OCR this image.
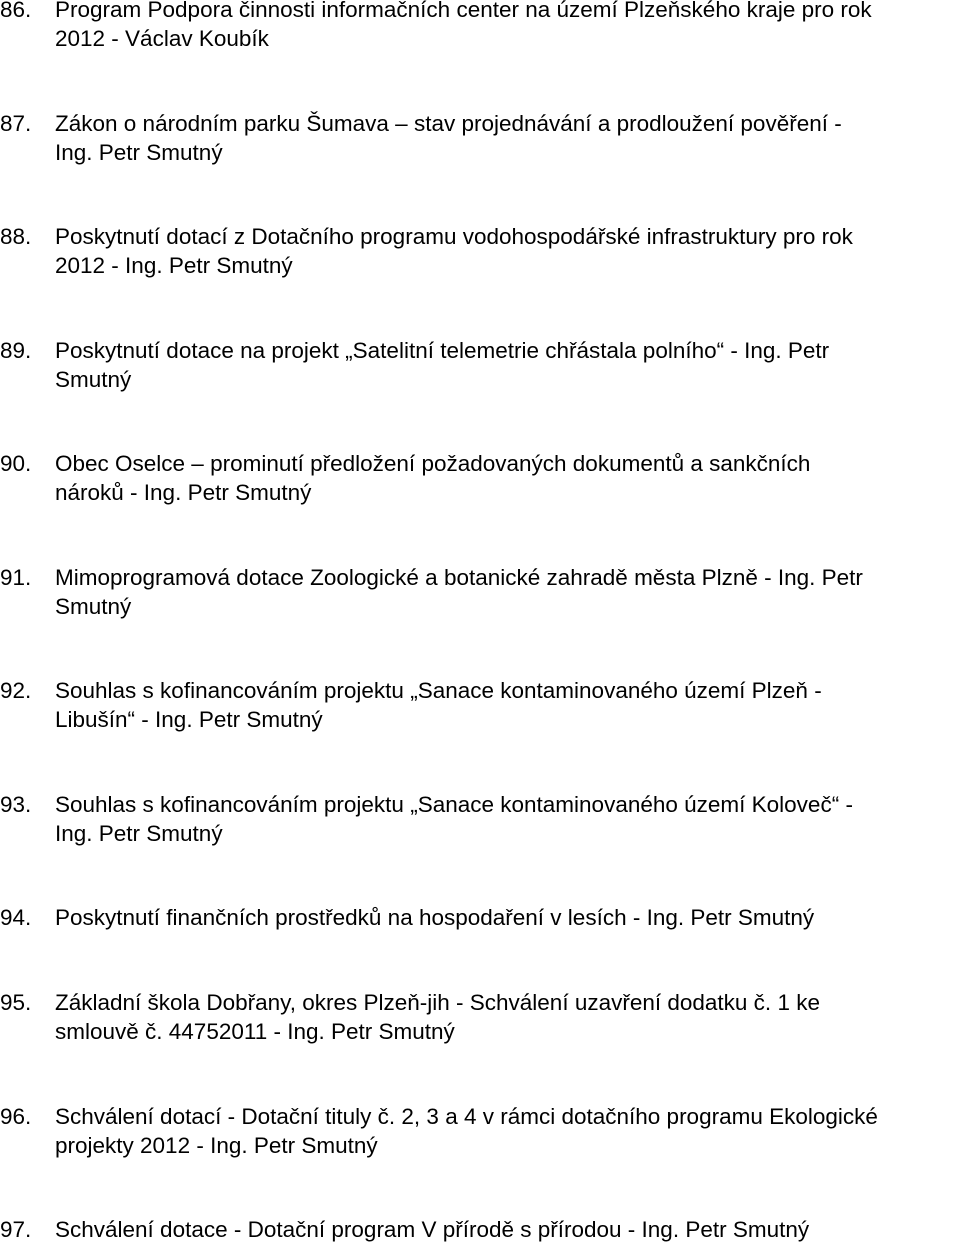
86.	Program Podpora činnosti informačních center na území Plzeňského kraje pro rok
2012 - Václav Koubík
87.	Zákon o národním parku Šumava – stav projednávání a prodloužení pověření -
Ing. Petr Smutný
88.	Poskytnutí dotací z Dotačního programu vodohospodářské infrastruktury pro rok
2012 - Ing. Petr Smutný
89.	Poskytnutí dotace na projekt „Satelitní telemetrie chřástala polního“ - Ing. Petr
Smutný
90.	Obec Oselce – prominutí předložení požadovaných dokumentů a sankčních
nároků - Ing. Petr Smutný
91.	Mimoprogramová dotace Zoologické a botanické zahradě města Plzně - Ing. Petr
Smutný
92.	Souhlas s kofinancováním projektu „Sanace kontaminovaného území Plzeň -
Libušín“ - Ing. Petr Smutný
93.	Souhlas s kofinancováním projektu „Sanace kontaminovaného území Koloveč“ -
Ing. Petr Smutný
94.	Poskytnutí finančních prostředků na hospodaření v lesích - Ing. Petr Smutný
95.	Základní škola Dobřany, okres Plzeň-jih - Schválení uzavření dodatku č. 1 ke
smlouvě č. 44752011 - Ing. Petr Smutný
96.	Schválení dotací - Dotační tituly č. 2, 3 a 4 v rámci dotačního programu Ekologické
projekty 2012 - Ing. Petr Smutný
97.	Schválení dotace - Dotační program V přírodě s přírodou - Ing. Petr Smutný
